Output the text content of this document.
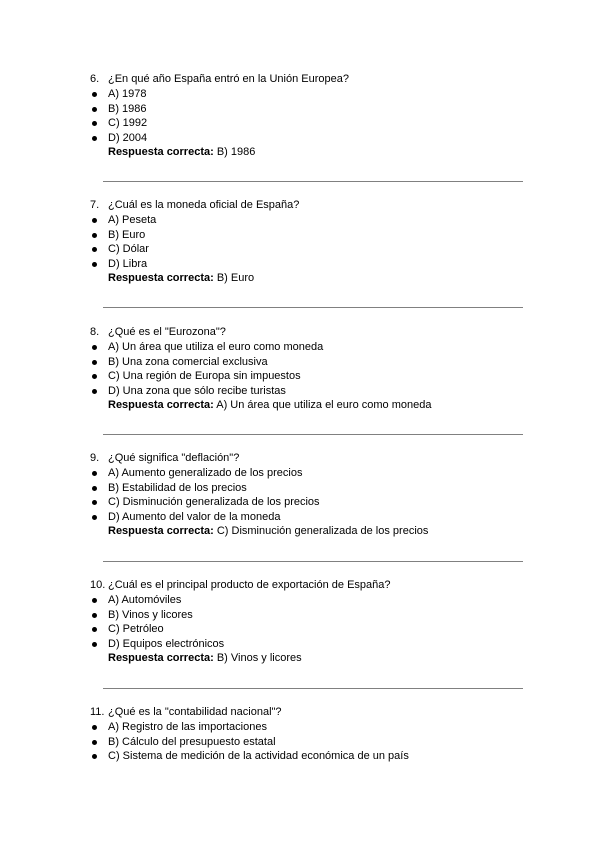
6. ¿En qué año España entró en la Unión Europea?
A) 1978
B) 1986
C) 1992
D) 2004
Respuesta correcta: B) 1986
7. ¿Cuál es la moneda oficial de España?
A) Peseta
B) Euro
C) Dólar
D) Libra
Respuesta correcta: B) Euro
8. ¿Qué es el "Eurozona"?
A) Un área que utiliza el euro como moneda
B) Una zona comercial exclusiva
C) Una región de Europa sin impuestos
D) Una zona que sólo recibe turistas
Respuesta correcta: A) Un área que utiliza el euro como moneda
9. ¿Qué significa "deflación"?
A) Aumento generalizado de los precios
B) Estabilidad de los precios
C) Disminución generalizada de los precios
D) Aumento del valor de la moneda
Respuesta correcta: C) Disminución generalizada de los precios
10. ¿Cuál es el principal producto de exportación de España?
A) Automóviles
B) Vinos y licores
C) Petróleo
D) Equipos electrónicos
Respuesta correcta: B) Vinos y licores
11. ¿Qué es la "contabilidad nacional"?
A) Registro de las importaciones
B) Cálculo del presupuesto estatal
C) Sistema de medición de la actividad económica de un país
